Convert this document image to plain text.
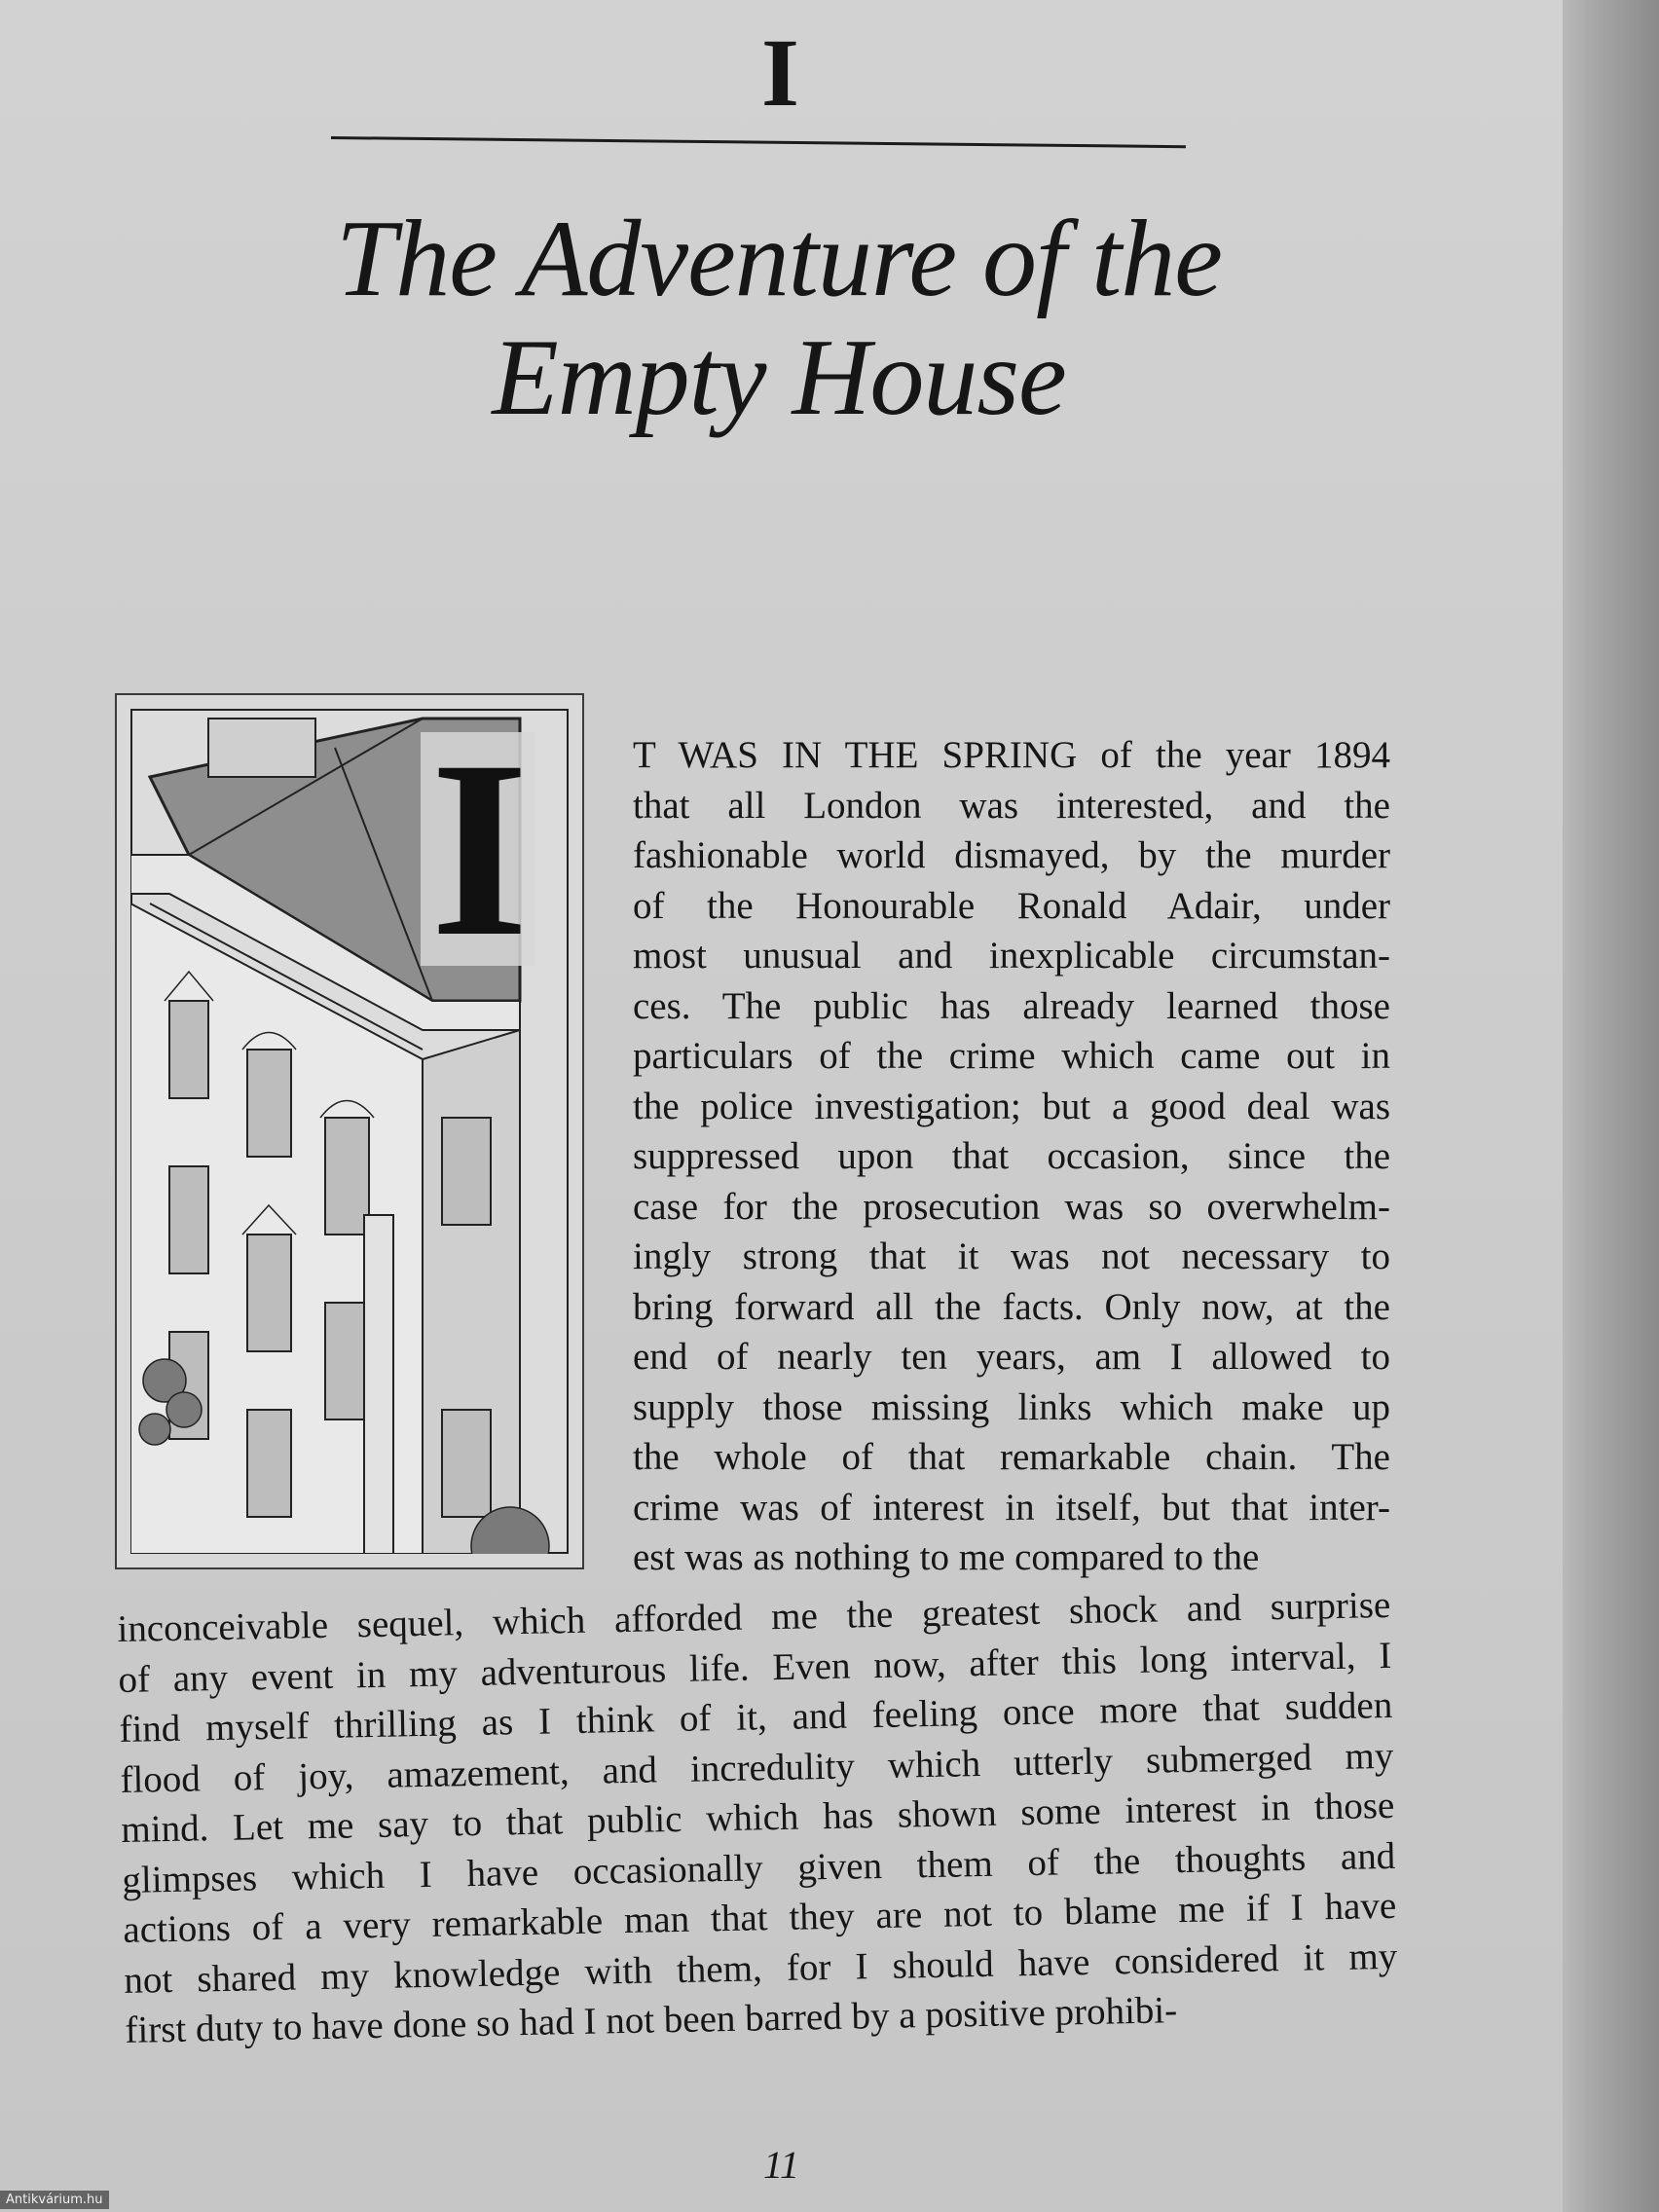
I
The Adventure of the
Empty House
I	T WAS IN THE SPRING of the year 1894
that all London was interested, and the
fashionable world dismayed, by the murder
of the Honourable Ronald Adair, under
most unusual and inexplicable circumstan-
ces. The public has already learned those
particulars of the crime which came out in
the police investigation; but a good deal was
suppressed upon that occasion, since the
case for the prosecution was so overwhelm-
ingly strong that it was not necessary to
bring forward all the facts. Only now, at the
end of nearly ten years, am I allowed to
supply those missing links which make up
the whole of that remarkable chain. The
crime was of interest in itself, but that inter-
est was as nothing to me compared to the
inconceivable sequel, which afforded me the greatest shock and surprise
of any event in my adventurous life. Even now, after this long interval, I
find myself thrilling as I think of it, and feeling once more that sudden
flood of joy, amazement, and incredulity which utterly submerged my
mind. Let me say to that public which has shown some interest in those
glimpses which I have occasionally given them of the thoughts and
actions of a very remarkable man that they are not to blame me if I have
not shared my knowledge with them, for I should have considered it my
first duty to have done so had I not been barred by a positive prohibi-
11
Antikvárium.hu
